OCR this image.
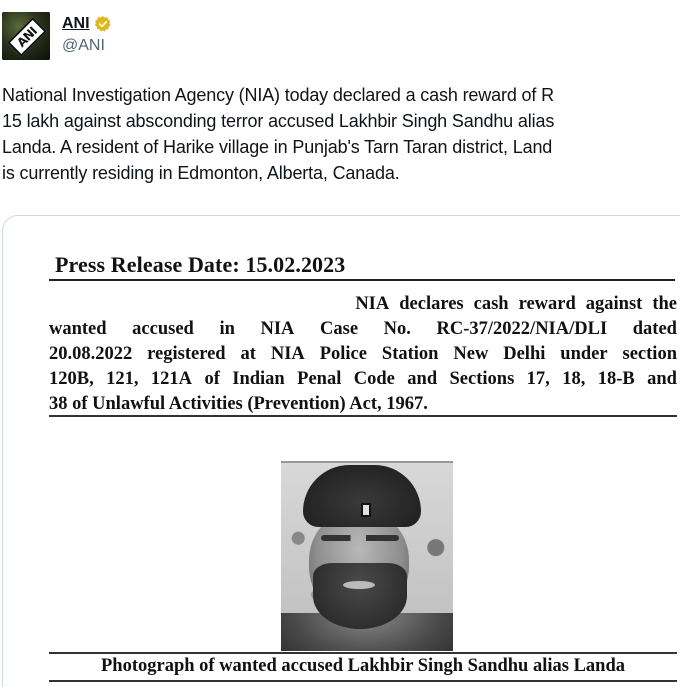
ANI
ANI
@ANI
National Investigation Agency (NIA) today declared a cash reward of R
15 lakh against absconding terror accused Lakhbir Singh Sandhu alias
Landa. A resident of Harike village in Punjab's Tarn Taran district, Land
is currently residing in Edmonton, Alberta, Canada.
Press Release Date: 15.02.2023
NIA declares cash reward against the
wanted accused in NIA Case No. RC-37/2022/NIA/DLI dated
20.08.2022 registered at NIA Police Station New Delhi under section
120B, 121, 121A of Indian Penal Code and Sections 17, 18, 18-B and
38 of Unlawful Activities (Prevention) Act, 1967.
Photograph of wanted accused Lakhbir Singh Sandhu alias Landa
